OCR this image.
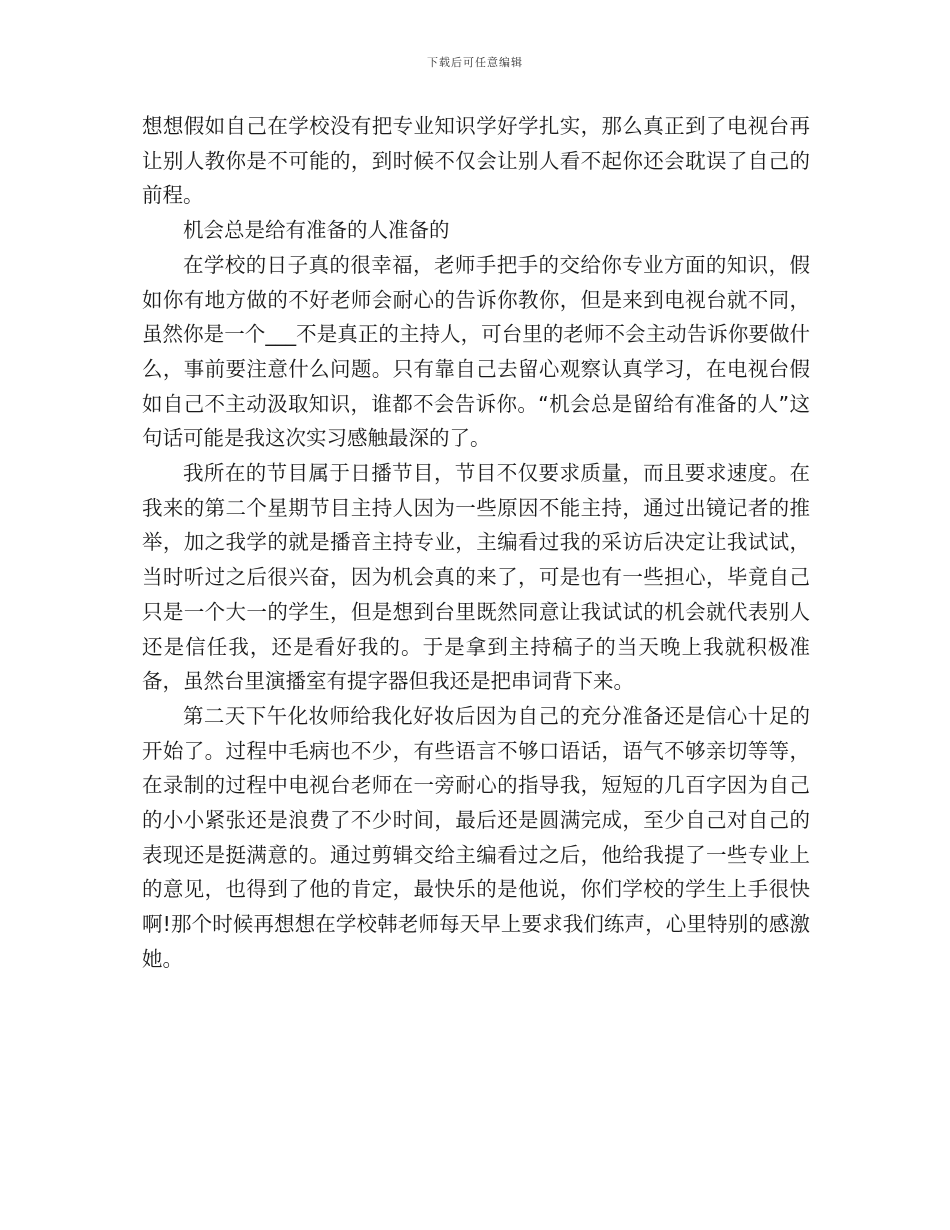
下载后可任意编辑

想想假如自己在学校没有把专业知识学好学扎实，那么真正到了电视台再让别人教你是不可能的，到时候不仅会让别人看不起你还会耽误了自己的前程。

机会总是给有准备的人准备的

在学校的日子真的很幸福，老师手把手的交给你专业方面的知识，假如你有地方做的不好老师会耐心的告诉你教你，但是来到电视台就不同，虽然你是一个___不是真正的主持人，可台里的老师不会主动告诉你要做什么，事前要注意什么问题。只有靠自己去留心观察认真学习，在电视台假如自己不主动汲取知识，谁都不会告诉你。“机会总是留给有准备的人”这句话可能是我这次实习感触最深的了。

我所在的节目属于日播节目，节目不仅要求质量，而且要求速度。在我来的第二个星期节目主持人因为一些原因不能主持，通过出镜记者的推举，加之我学的就是播音主持专业，主编看过我的采访后决定让我试试，当时听过之后很兴奋，因为机会真的来了，可是也有一些担心，毕竟自己只是一个大一的学生，但是想到台里既然同意让我试试的机会就代表别人还是信任我，还是看好我的。于是拿到主持稿子的当天晚上我就积极准备，虽然台里演播室有提字器但我还是把串词背下来。

第二天下午化妆师给我化好妆后因为自己的充分准备还是信心十足的开始了。过程中毛病也不少，有些语言不够口语话，语气不够亲切等等，在录制的过程中电视台老师在一旁耐心的指导我，短短的几百字因为自己的小小紧张还是浪费了不少时间，最后还是圆满完成，至少自己对自己的表现还是挺满意的。通过剪辑交给主编看过之后，他给我提了一些专业上的意见，也得到了他的肯定，最快乐的是他说，你们学校的学生上手很快啊!那个时候再想想在学校韩老师每天早上要求我们练声，心里特别的感激她。
